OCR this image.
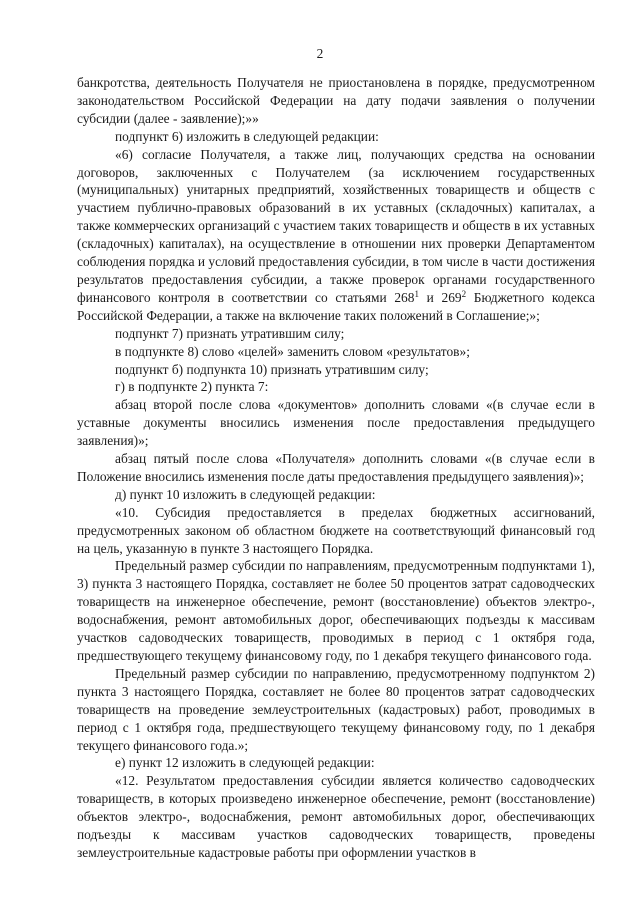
2

банкротства, деятельность Получателя не приостановлена в порядке, предусмотренном законодательством Российской Федерации на дату подачи заявления о получении субсидии (далее - заявление);»»

подпункт 6) изложить в следующей редакции:

«6) согласие Получателя, а также лиц, получающих средства на основании договоров, заключенных с Получателем (за исключением государственных (муниципальных) унитарных предприятий, хозяйственных товариществ и обществ с участием публично-правовых образований в их уставных (складочных) капиталах, а также коммерческих организаций с участием таких товариществ и обществ в их уставных (складочных) капиталах), на осуществление в отношении них проверки Департаментом соблюдения порядка и условий предоставления субсидии, в том числе в части достижения результатов предоставления субсидии, а также проверок органами государственного финансового контроля в соответствии со статьями $268^1$ и $269^2$ Бюджетного кодекса Российской Федерации, а также на включение таких положений в Соглашение;»;

подпункт 7) признать утратившим силу;

в подпункте 8) слово «целей» заменить словом «результатов»;

подпункт б) подпункта 10) признать утратившим силу;

г) в подпункте 2) пункта 7:

абзац второй после слова «документов» дополнить словами «(в случае если в уставные документы вносились изменения после предоставления предыдущего заявления)»;

абзац пятый после слова «Получателя» дополнить словами «(в случае если в Положение вносились изменения после даты предоставления предыдущего заявления)»;

д) пункт 10 изложить в следующей редакции:

«10. Субсидия предоставляется в пределах бюджетных ассигнований, предусмотренных законом об областном бюджете на соответствующий финансовый год на цель, указанную в пункте 3 настоящего Порядка.

Предельный размер субсидии по направлениям, предусмотренным подпунктами 1), 3) пункта 3 настоящего Порядка, составляет не более 50 процентов затрат садоводческих товариществ на инженерное обеспечение, ремонт (восстановление) объектов электро-, водоснабжения, ремонт автомобильных дорог, обеспечивающих подъезды к массивам участков садоводческих товариществ, проводимых в период с 1 октября года, предшествующего текущему финансовому году, по 1 декабря текущего финансового года.

Предельный размер субсидии по направлению, предусмотренному подпунктом 2) пункта 3 настоящего Порядка, составляет не более 80 процентов затрат садоводческих товариществ на проведение землеустроительных (кадастровых) работ, проводимых в период с 1 октября года, предшествующего текущему финансовому году, по 1 декабря текущего финансового года.»;

е) пункт 12 изложить в следующей редакции:

«12. Результатом предоставления субсидии является количество садоводческих товариществ, в которых произведено инженерное обеспечение, ремонт (восстановление) объектов электро-, водоснабжения, ремонт автомобильных дорог, обеспечивающих подъезды к массивам участков садоводческих товариществ, проведены землеустроительные кадастровые работы при оформлении участков в
